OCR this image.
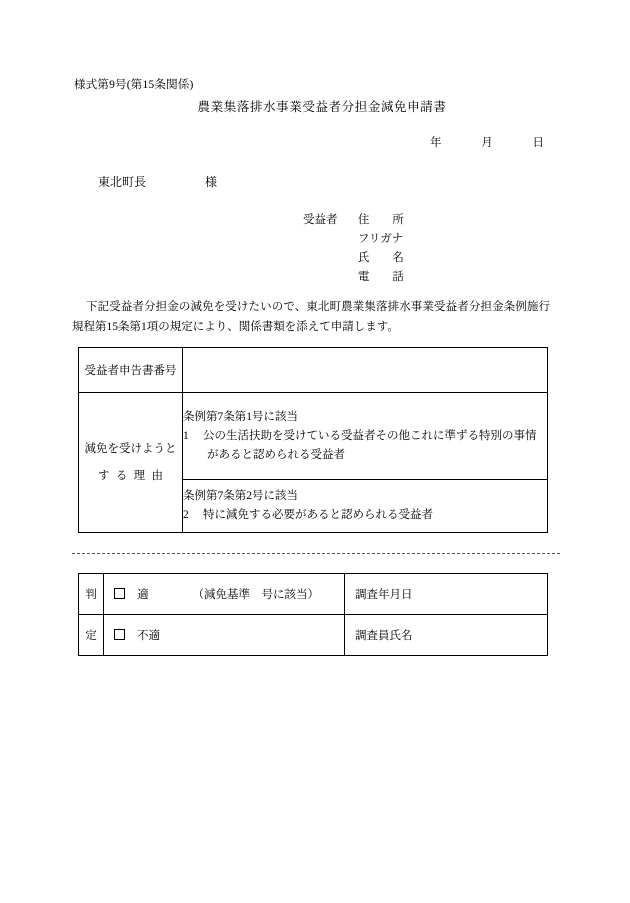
様式第9号(第15条関係)
農業集落排水事業受益者分担金減免申請書
年	月	日
東北町長	様
受益者 住　　所
フリガナ
氏　　名
電　　話
下記受益者分担金の減免を受けたいので、東北町農業集落排水事業受益者分担金条例施行規程第15条第1項の規定により、関係書類を添えて申請します。
受益者申告書番号	

減免を受けようと
する理由	条例第7条第1号に該当
1 公の生活扶助を受けている受益者その他これに準ずる特別の事情
があると認められる受益者

	条例第7条第2号に該当
2 特に減免する必要があると認められる受益者
判	適 （減免基準　号に該当）	調査年月日
定	不適	調査員氏名
